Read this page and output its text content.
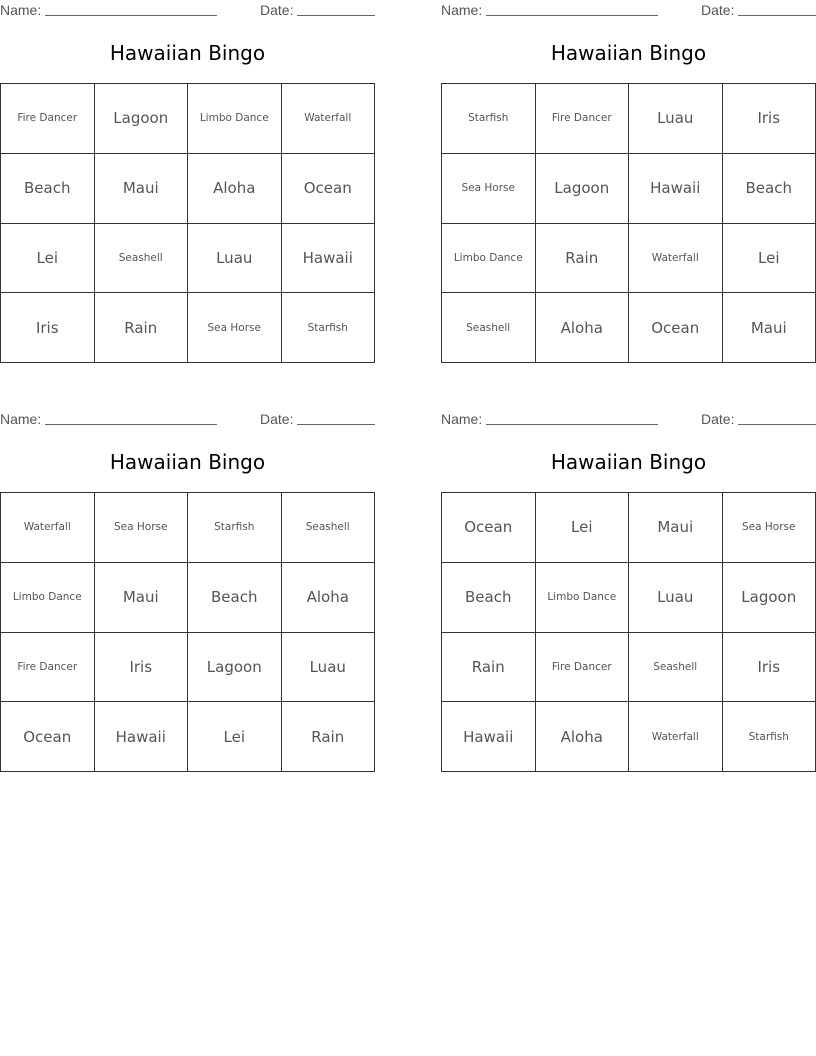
Name:	Date:
Hawaiian Bingo
Fire Dancer	Lagoon	Limbo Dance	Waterfall
Beach	Maui	Aloha	Ocean
Lei	Seashell	Luau	Hawaii
Iris	Rain	Sea Horse	Starfish
Name:	Date:
Hawaiian Bingo
Starfish	Fire Dancer	Luau	Iris
Sea Horse	Lagoon	Hawaii	Beach
Limbo Dance	Rain	Waterfall	Lei
Seashell	Aloha	Ocean	Maui
Name:	Date:
Hawaiian Bingo
Waterfall	Sea Horse	Starfish	Seashell
Limbo Dance	Maui	Beach	Aloha
Fire Dancer	Iris	Lagoon	Luau
Ocean	Hawaii	Lei	Rain
Name:	Date:
Hawaiian Bingo
Ocean	Lei	Maui	Sea Horse
Beach	Limbo Dance	Luau	Lagoon
Rain	Fire Dancer	Seashell	Iris
Hawaii	Aloha	Waterfall	Starfish
